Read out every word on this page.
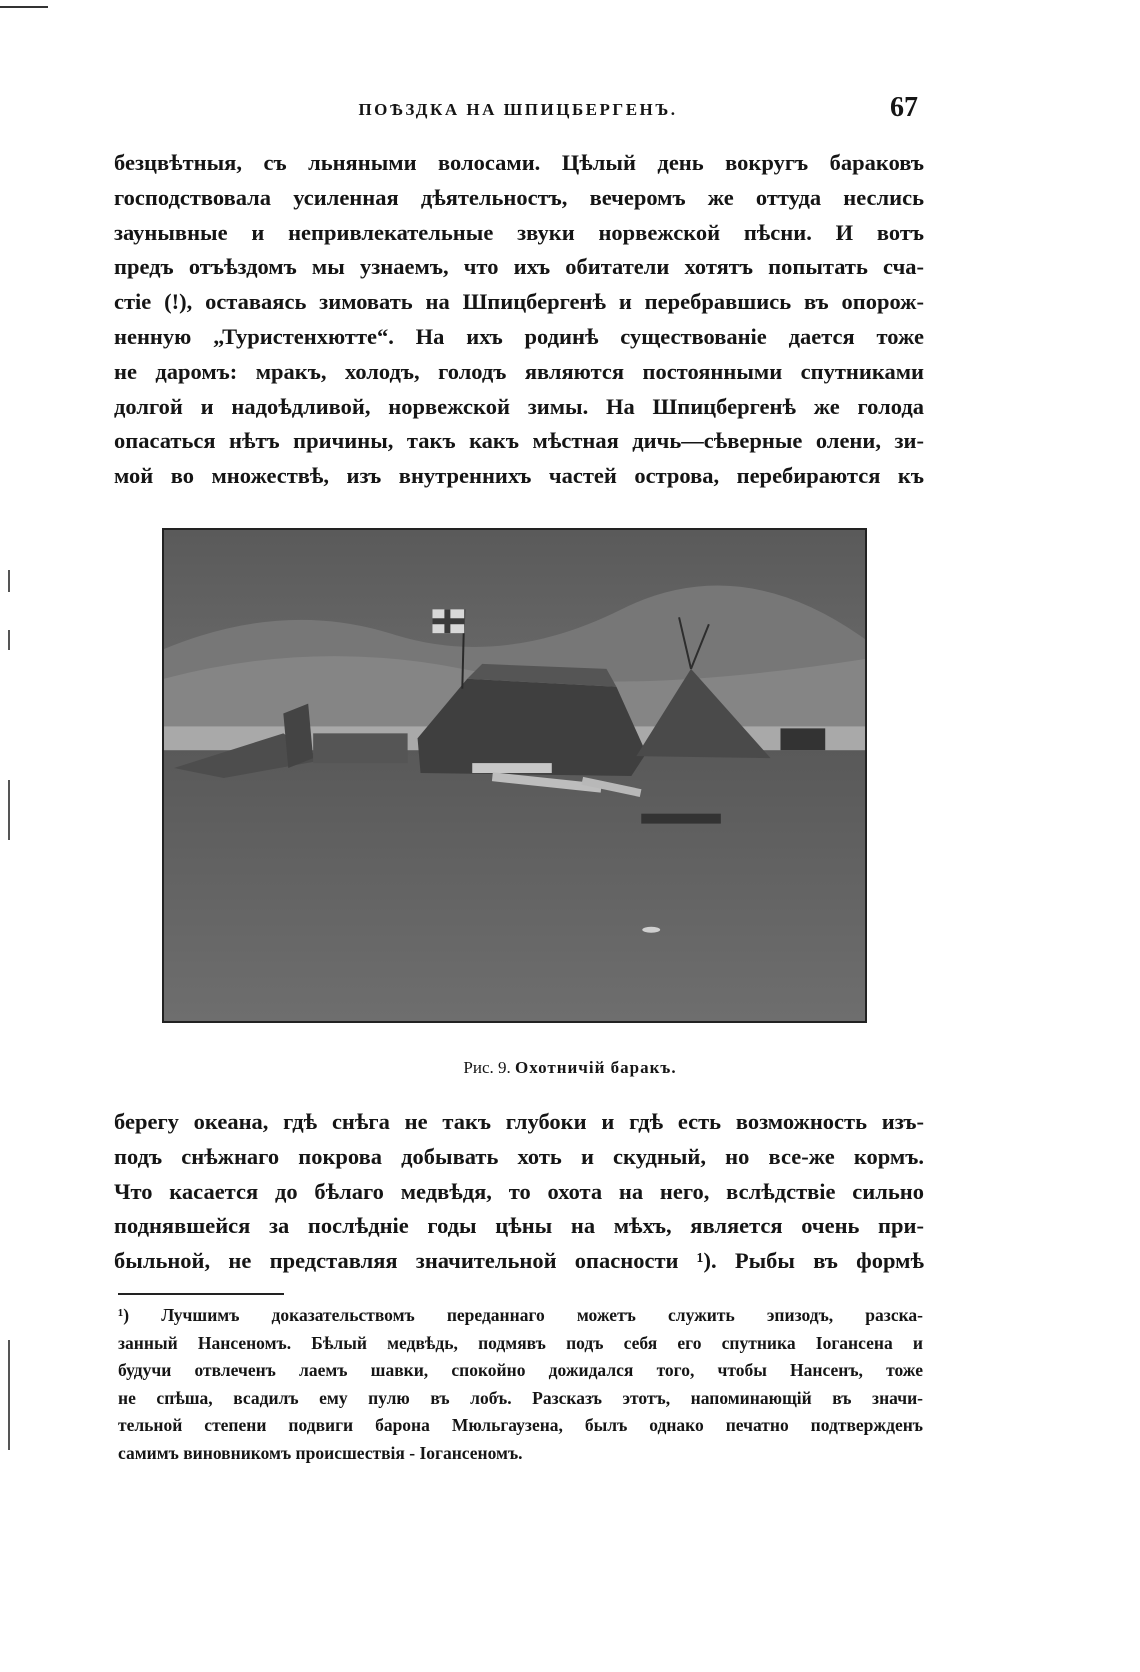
ПОѢЗДКА НА ШПИЦБЕРГЕНЪ.	67
безцвѣтныя, съ льняными волосами. Цѣлый день вокругъ бараковъ
господствовала усиленная дѣятельностъ, вечеромъ же оттуда неслись
заунывные и непривлекательные звуки норвежской пѣсни. И вотъ
предъ отъѣздомъ мы узнаемъ, что ихъ обитатели хотятъ попытать сча-
стіе (!), оставаясь зимовать на Шпицбергенѣ и перебравшись въ опорож-
ненную „Туристенхютте“. На ихъ родинѣ существованіе дается тоже
не даромъ: мракъ, холодъ, голодъ являются постоянными спутниками
долгой и надоѣдливой, норвежской зимы. На Шпицбергенѣ же голода
опасаться нѣтъ причины, такъ какъ мѣстная дичь—сѣверные олени, зи-
мой во множествѣ, изъ внутреннихъ частей острова, перебираются къ
Рис. 9. Охотничій баракъ.
берегу океана, гдѣ снѣга не такъ глубоки и гдѣ есть возможность изъ-
подъ снѣжнаго покрова добывать хоть и скудный, но все-же кормъ.
Что касается до бѣлаго медвѣдя, то охота на него, вслѣдствіе сильно
поднявшейся за послѣдніе годы цѣны на мѣхъ, является очень при-
быльной, не представляя значительной опасности ¹). Рыбы въ формѣ
¹) Лучшимъ доказательствомъ переданнаго можетъ служить эпизодъ, разска-
занный Нансеномъ. Бѣлый медвѣдь, подмявъ подъ себя его спутника Іогансена и
будучи отвлеченъ лаемъ шавки, спокойно дожидался того, чтобы Нансенъ, тоже
не спѣша, всадилъ ему пулю въ лобъ. Разсказъ этотъ, напоминающій въ значи-
тельной степени подвиги барона Мюльгаузена, былъ однако печатно подтвержденъ
самимъ виновникомъ происшествія - Іогансеномъ.
